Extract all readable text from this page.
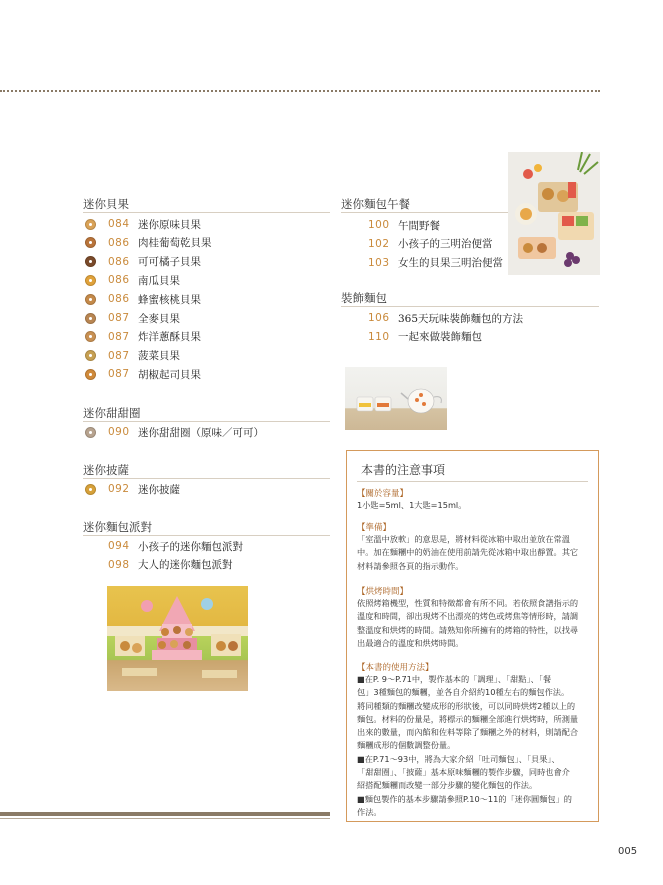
迷你貝果
084 迷你原味貝果
086 肉桂葡萄乾貝果
086 可可橘子貝果
086 南瓜貝果
086 蜂蜜核桃貝果
087 全麥貝果
087 炸洋蔥酥貝果
087 菠菜貝果
087 胡椒起司貝果
迷你甜甜圈
090 迷你甜甜圈（原味／可可）
迷你披薩
092 迷你披薩
迷你麵包派對
094 小孩子的迷你麵包派對
098 大人的迷你麵包派對
迷你麵包午餐
100 午間野餐
102 小孩子的三明治便當
103 女生的貝果三明治便當
裝飾麵包
106 365天玩味裝飾麵包的方法
110 一起來做裝飾麵包
本書的注意事項
【關於容量】
1小匙=5ml、1大匙=15ml。
【準備】
「室溫中放軟」的意思是，將材料從冰箱中取出並放在常溫
中。加在麵糰中的奶油在使用前請先從冰箱中取出靜置。其它
材料請參照各頁的指示動作。
【烘烤時間】
依照烤箱機型，性質和特徵都會有所不同。若依照食譜指示的
溫度和時間，卻出現烤不出漂亮的烤色或烤焦等情形時，請調
整溫度和烘烤的時間。請熟知你所擁有的烤箱的特性，以找尋
出最適合的溫度和烘烤時間。
【本書的使用方法】
■在P. 9～P.71中，製作基本的「調理」、「甜點」、「餐
包」3種麵包的麵糰，並各自介紹約10種左右的麵包作法。
將同種類的麵糰改變成形的形狀後，可以同時烘烤2種以上的
麵包。材料的份量是，將標示的麵糰全部進行烘烤時，所測量
出來的數量，而內餡和佐料等除了麵糰之外的材料，則請配合
麵糰成形的個數調整份量。
■在P.71～93中，將為大家介紹「吐司麵包」、「貝果」、
「甜甜圈」、「披薩」基本原味麵糰的製作步驟，同時也會介
紹搭配麵糰而改變一部分步驟的變化麵包的作法。
■麵包製作的基本步驟請參照P.10～11的「迷你圓麵包」的
作法。
005
